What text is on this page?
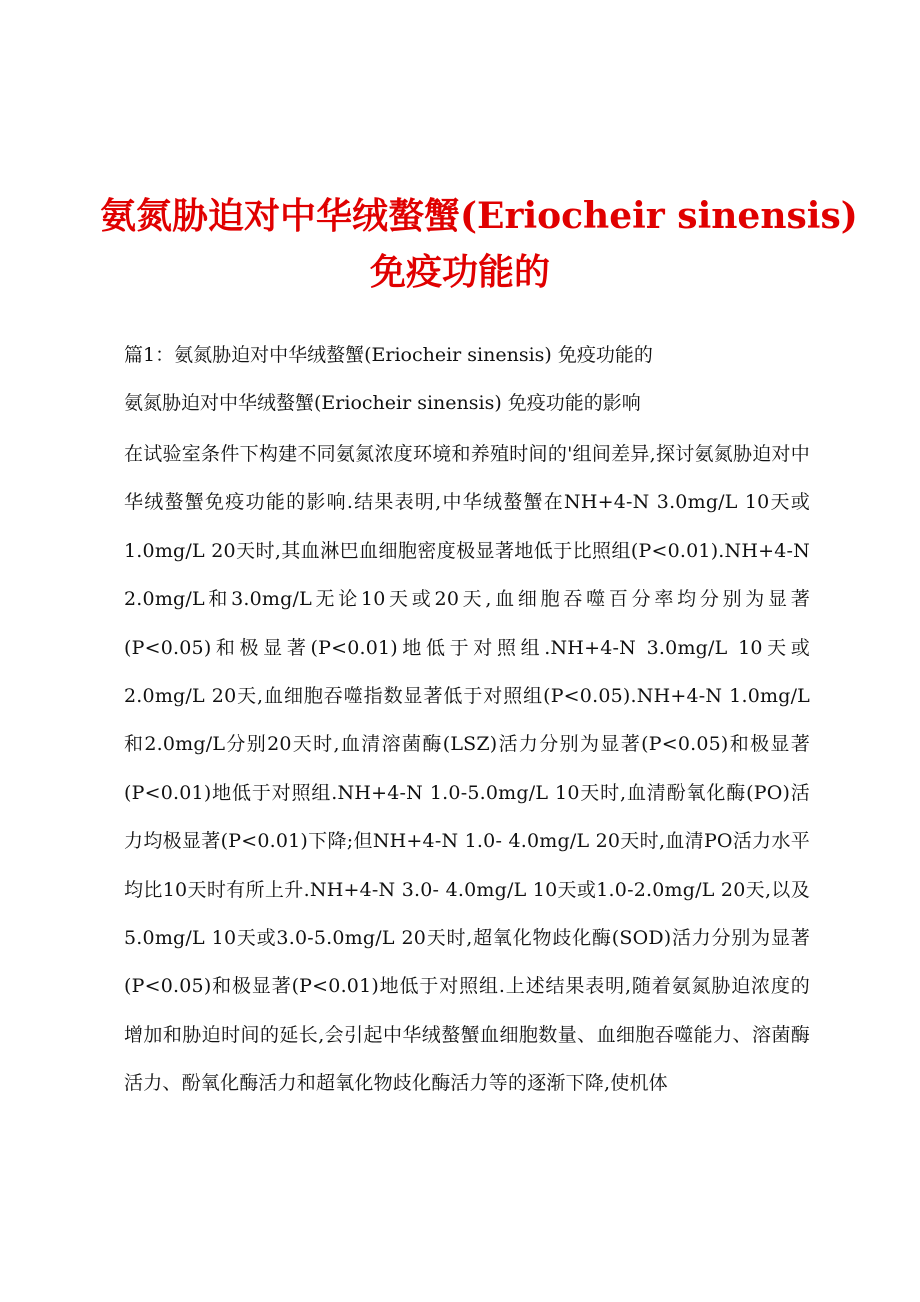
氨氮胁迫对中华绒螯蟹(Eriocheir sinensis)
免疫功能的
篇1：氨氮胁迫对中华绒螯蟹(Eriocheir sinensis) 免疫功能的
氨氮胁迫对中华绒螯蟹(Eriocheir sinensis) 免疫功能的影响
在试验室条件下构建不同氨氮浓度环境和养殖时间的'组间差异,探讨氨氮胁迫对中华绒螯蟹免疫功能的影响.结果表明,中华绒螯蟹在NH+4-N 3.0mg/L 10天或1.0mg/L 20天时,其血淋巴血细胞密度极显著地低于比照组(P<0.01).NH+4-N 2.0mg/L和3.0mg/L无论10天或20天,血细胞吞噬百分率均分别为显著(P<0.05)和极显著(P<0.01)地低于对照组.NH+4-N 3.0mg/L 10天或2.0mg/L 20天,血细胞吞噬指数显著低于对照组(P<0.05).NH+4-N 1.0mg/L和2.0mg/L分别20天时,血清溶菌酶(LSZ)活力分别为显著(P<0.05)和极显著(P<0.01)地低于对照组.NH+4-N 1.0-5.0mg/L 10天时,血清酚氧化酶(PO)活力均极显著(P<0.01)下降;但NH+4-N 1.0- 4.0mg/L 20天时,血清PO活力水平均比10天时有所上升.NH+4-N 3.0- 4.0mg/L 10天或1.0-2.0mg/L 20天,以及5.0mg/L 10天或3.0-5.0mg/L 20天时,超氧化物歧化酶(SOD)活力分别为显著(P<0.05)和极显著(P<0.01)地低于对照组.上述结果表明,随着氨氮胁迫浓度的增加和胁迫时间的延长,会引起中华绒螯蟹血细胞数量、血细胞吞噬能力、溶菌酶活力、酚氧化酶活力和超氧化物歧化酶活力等的逐渐下降,使机体
